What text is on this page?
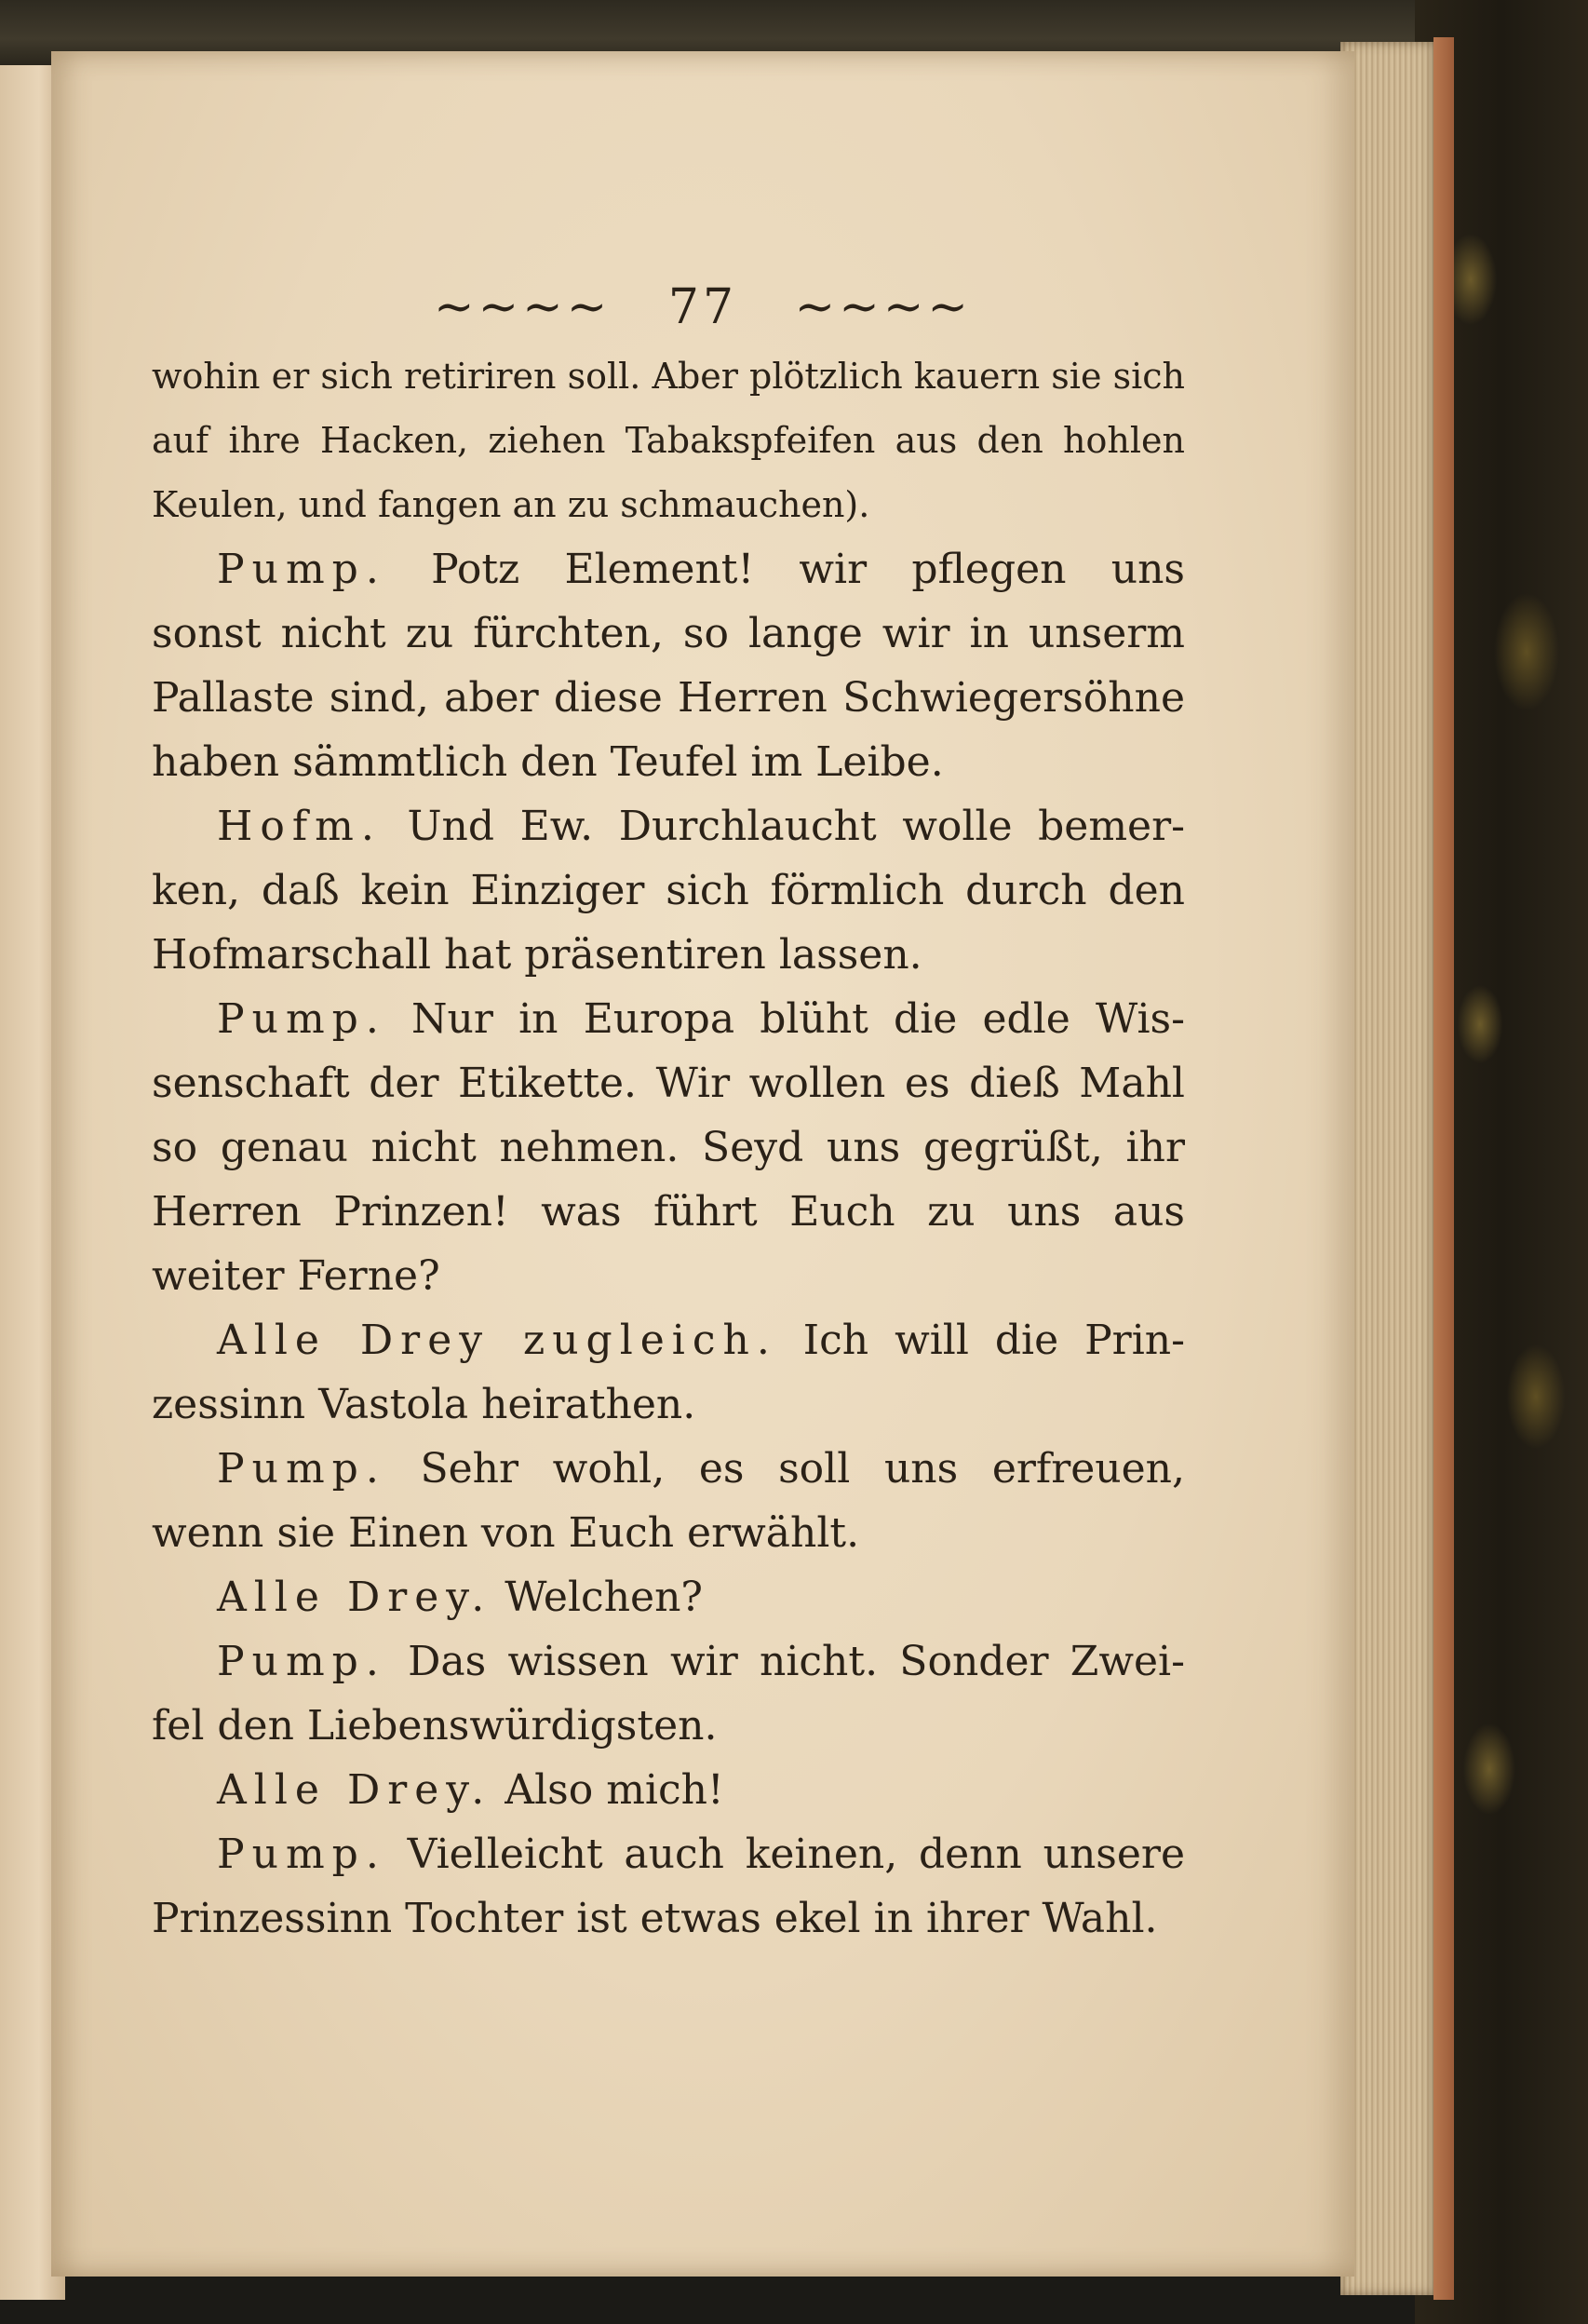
~~~~ 77 ~~~~
wohin er sich retiriren soll. Aber plötzlich kauern sie sich
auf ihre Hacken, ziehen Tabakspfeifen aus den hohlen
Keulen, und fangen an zu schmauchen).
Pump. Potz Element! wir pflegen uns
sonst nicht zu fürchten, so lange wir in unserm
Pallaste sind, aber diese Herren Schwiegersöhne
haben sämmtlich den Teufel im Leibe.
Hofm. Und Ew. Durchlaucht wolle bemer-
ken, daß kein Einziger sich förmlich durch den
Hofmarschall hat präsentiren lassen.
Pump. Nur in Europa blüht die edle Wis-
senschaft der Etikette. Wir wollen es dieß Mahl
so genau nicht nehmen. Seyd uns gegrüßt, ihr
Herren Prinzen! was führt Euch zu uns aus
weiter Ferne?
Alle Drey zugleich. Ich will die Prin-
zessinn Vastola heirathen.
Pump. Sehr wohl, es soll uns erfreuen,
wenn sie Einen von Euch erwählt.
Alle Drey. Welchen?
Pump. Das wissen wir nicht. Sonder Zwei-
fel den Liebenswürdigsten.
Alle Drey. Also mich!
Pump. Vielleicht auch keinen, denn unsere
Prinzessinn Tochter ist etwas ekel in ihrer Wahl.
